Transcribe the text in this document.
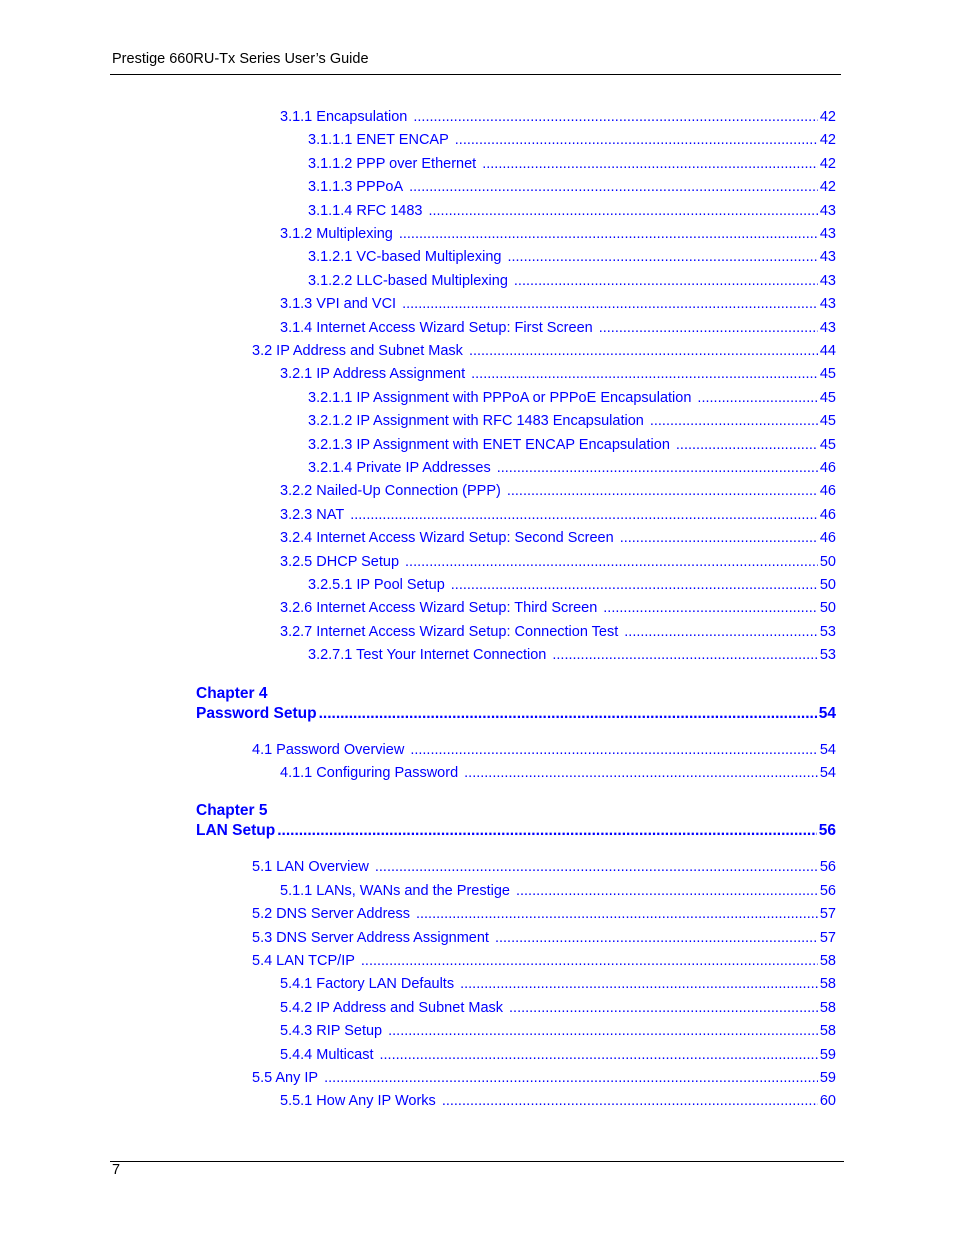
Prestige 660RU-Tx Series User’s Guide
3.1.1 Encapsulation .....	42
3.1.1.1 ENET ENCAP .....	42
3.1.1.2 PPP over Ethernet .....	42
3.1.1.3 PPPoA .....	42
3.1.1.4 RFC 1483 .....	43
3.1.2 Multiplexing .....	43
3.1.2.1 VC-based Multiplexing .....	43
3.1.2.2 LLC-based Multiplexing .....	43
3.1.3 VPI and VCI .....	43
3.1.4 Internet Access Wizard Setup: First Screen .....	43
3.2 IP Address and Subnet Mask .....	44
3.2.1 IP Address Assignment .....	45
3.2.1.1 IP Assignment with PPPoA or PPPoE Encapsulation .....	45
3.2.1.2 IP Assignment with RFC 1483 Encapsulation .....	45
3.2.1.3 IP Assignment with ENET ENCAP Encapsulation .....	45
3.2.1.4 Private IP Addresses .....	46
3.2.2 Nailed-Up Connection (PPP) .....	46
3.2.3 NAT .....	46
3.2.4 Internet Access Wizard Setup: Second Screen .....	46
3.2.5 DHCP Setup .....	50
3.2.5.1 IP Pool Setup .....	50
3.2.6 Internet Access Wizard Setup: Third Screen .....	50
3.2.7 Internet Access Wizard Setup: Connection Test .....	53
3.2.7.1 Test Your Internet Connection .....	53
Chapter 4
Password Setup .....	54
4.1 Password Overview .....	54
4.1.1 Configuring Password .....	54
Chapter 5
LAN Setup .....	56
5.1 LAN Overview .....	56
5.1.1 LANs, WANs and the Prestige .....	56
5.2 DNS Server Address .....	57
5.3 DNS Server Address Assignment .....	57
5.4 LAN TCP/IP .....	58
5.4.1 Factory LAN Defaults .....	58
5.4.2 IP Address and Subnet Mask .....	58
5.4.3 RIP Setup .....	58
5.4.4 Multicast .....	59
5.5 Any IP .....	59
5.5.1 How Any IP Works .....	60
7
